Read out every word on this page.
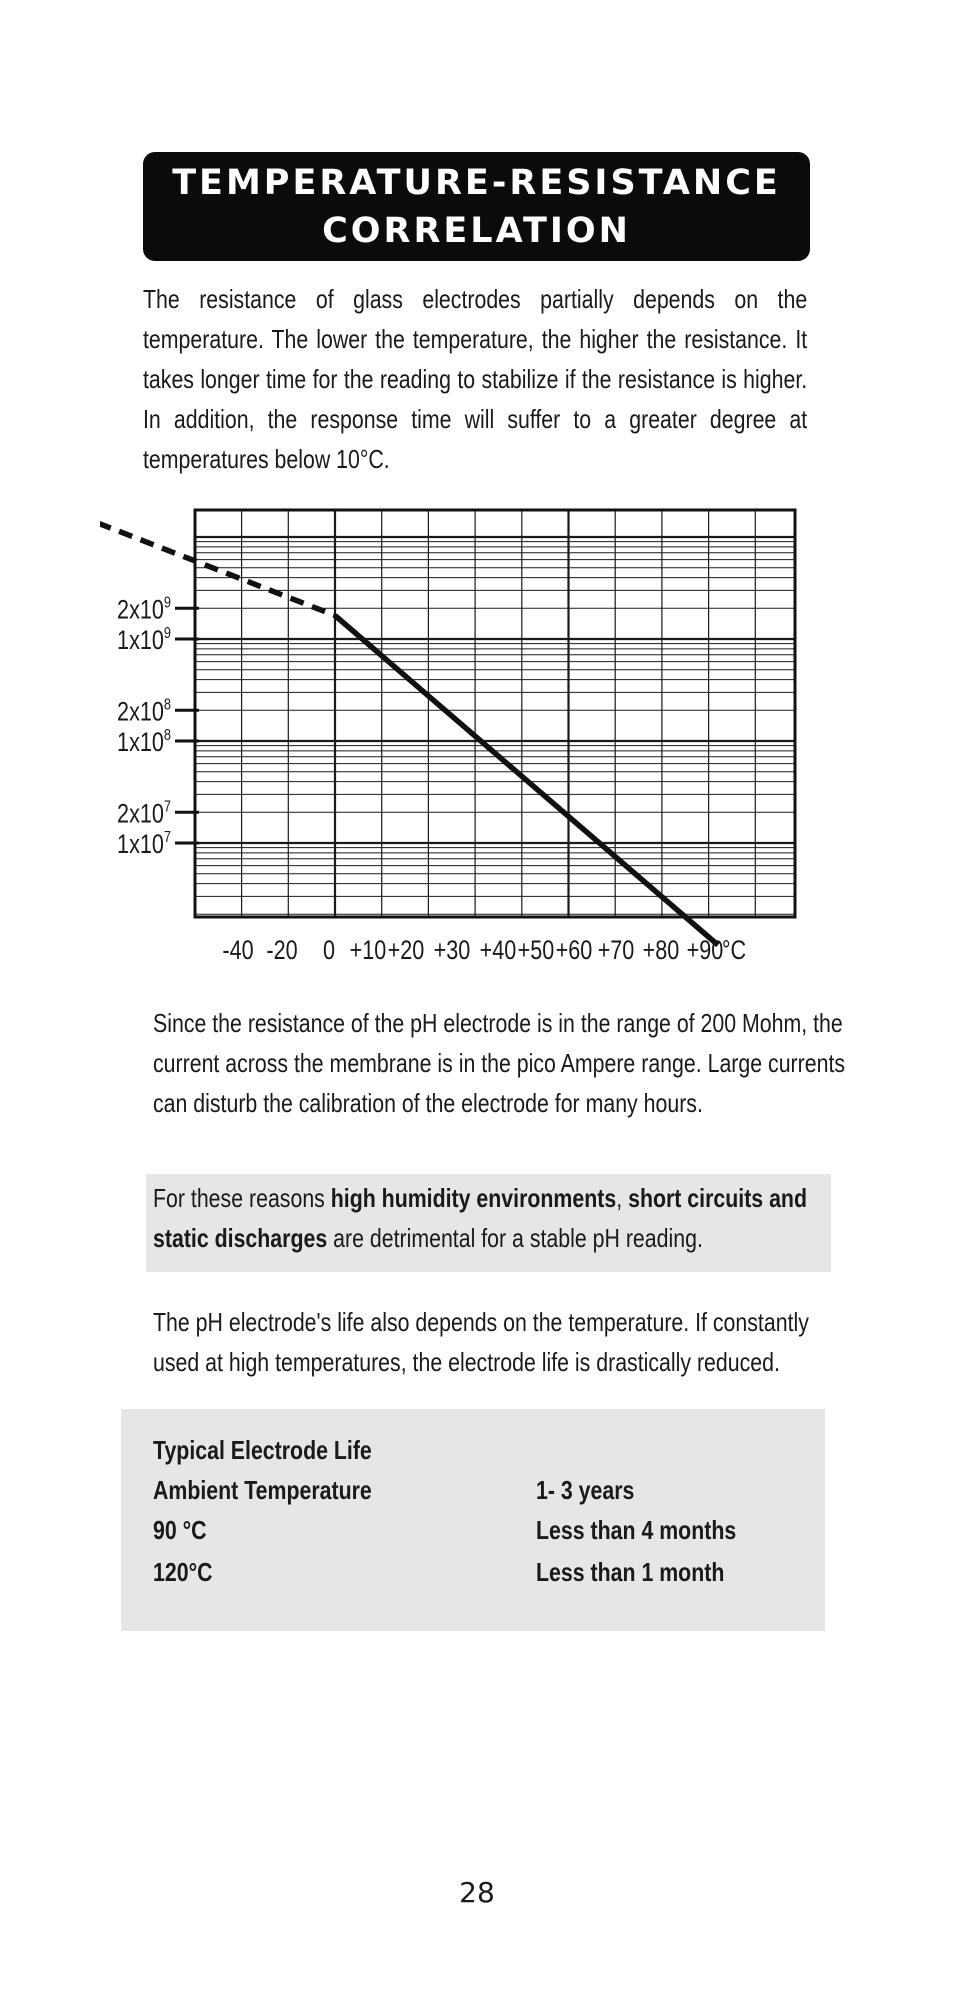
TEMPERATURE-RESISTANCE
CORRELATION

The resistance of glass electrodes partially depends on the temperature. The lower the temperature, the higher the resistance. It takes longer time for the reading to stabilize if the resistance is higher. In addition, the response time will suffer to a greater degree at temperatures below 10°C.

$2x10^9$
$1x10^9$
$2x10^8$
$1x10^8$
$2x10^7$
$1x10^7$
-40 -20 0 +10 +20 +30 +40 +50 +60 +70 +80 +90
°C

Since the resistance of the pH electrode is in the range of 200 Mohm, the current across the membrane is in the pico Ampere range. Large currents can disturb the calibration of the electrode for many hours.

For these reasons high humidity environments, short circuits and static discharges are detrimental for a stable pH reading.

The pH electrode's life also depends on the temperature. If constantly used at high temperatures, the electrode life is drastically reduced.

Typical Electrode Life
Ambient Temperature	1- 3 years
90 °C	Less than 4 months
120°C	Less than 1 month
28
